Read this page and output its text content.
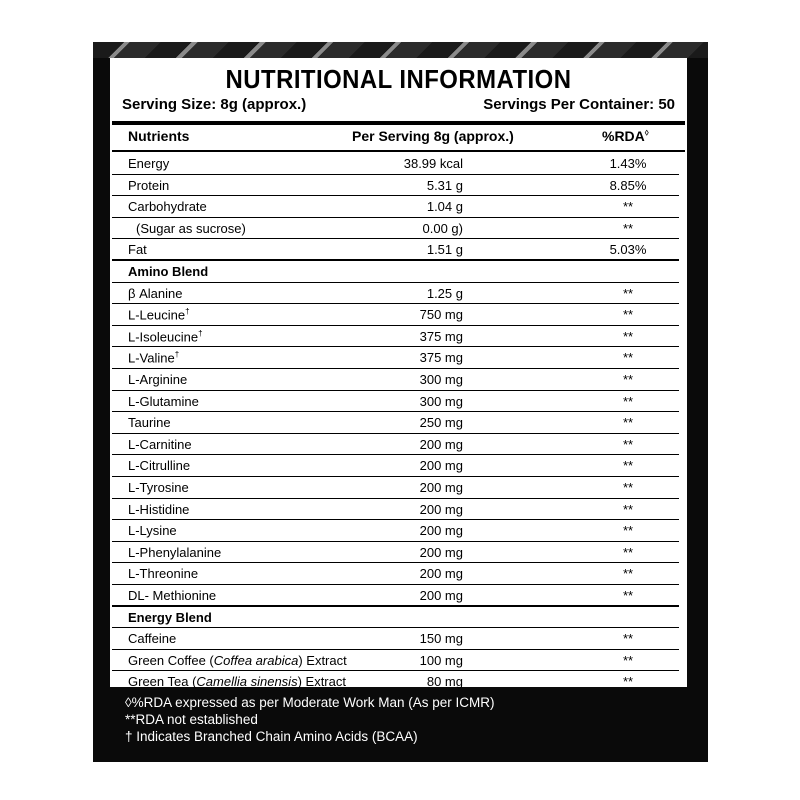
NUTRITIONAL INFORMATION
Serving Size: 8g (approx.)	Servings Per Container: 50
Nutrients	Per Serving 8g (approx.)	%RDA◊
Energy	38.99 kcal	1.43%
Protein	5.31 g	8.85%
Carbohydrate	1.04 g	**
(Sugar as sucrose)	0.00 g)	**
Fat	1.51 g	5.03%
Amino Blend
β Alanine	1.25 g	**
L-Leucine†	750 mg	**
L-Isoleucine†	375 mg	**
L-Valine†	375 mg	**
L-Arginine	300 mg	**
L-Glutamine	300 mg	**
Taurine	250 mg	**
L-Carnitine	200 mg	**
L-Citrulline	200 mg	**
L-Tyrosine	200 mg	**
L-Histidine	200 mg	**
L-Lysine	200 mg	**
L-Phenylalanine	200 mg	**
L-Threonine	200 mg	**
DL- Methionine	200 mg	**
Energy Blend
Caffeine	150 mg	**
Green Coffee (Coffea arabica) Extract	100 mg	**
Green Tea (Camellia sinensis) Extract	80 mg	**
◊%RDA expressed as per Moderate Work Man (As per ICMR)
**RDA not established
† Indicates Branched Chain Amino Acids (BCAA)
